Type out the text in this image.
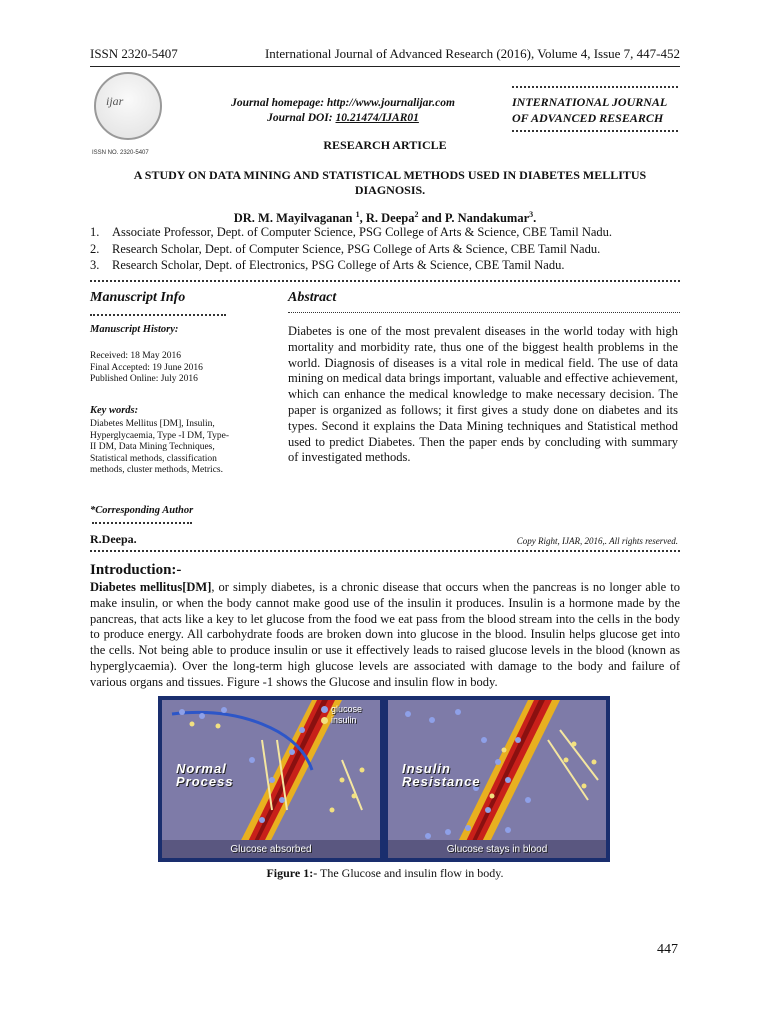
ISSN 2320-5407	International Journal of Advanced Research (2016), Volume 4, Issue 7, 447-452
ijar
ISSN NO. 2320-5407
Journal homepage: http://www.journalijar.com
Journal DOI: 10.21474/IJAR01
INTERNATIONAL JOURNAL
OF ADVANCED RESEARCH
RESEARCH ARTICLE
A STUDY ON DATA MINING AND STATISTICAL METHODS USED IN DIABETES MELLITUS DIAGNOSIS.
DR. M. Mayilvaganan $^1$, R. Deepa$^2$ and P. Nandakumar$^3$.
1.	Associate Professor, Dept. of Computer Science, PSG College of Arts & Science, CBE Tamil Nadu.
2.	Research Scholar, Dept. of Computer Science, PSG College of Arts & Science, CBE Tamil Nadu.
3.	Research Scholar, Dept. of Electronics, PSG College of Arts & Science, CBE Tamil Nadu.
Manuscript Info	Abstract
Manuscript History:
Received: 18 May 2016
Final Accepted: 19 June 2016
Published Online: July 2016
Key words:
Diabetes Mellitus [DM], Insulin, Hyperglycaemia, Type -I DM, Type-II DM, Data Mining Techniques, Statistical methods, classification methods, cluster methods, Metrics.
*Corresponding Author
R.Deepa.
Diabetes is one of the most prevalent diseases in the world today with high mortality and morbidity rate, thus one of the biggest health problems in the world. Diagnosis of diseases is a vital role in medical field. The use of data mining on medical data brings important, valuable and effective achievement, which can enhance the medical knowledge to make necessary decision. The paper is organized as follows; it first gives a study done on diabetes and its types. Second it explains the Data Mining techniques and Statistical method used to predict Diabetes. Then the paper ends by concluding with summary of investigated methods.
Copy Right, IJAR, 2016,. All rights reserved.
Introduction:-
Diabetes mellitus[DM], or simply diabetes, is a chronic disease that occurs when the pancreas is no longer able to make insulin, or when the body cannot make good use of the insulin it produces. Insulin is a hormone made by the pancreas, that acts like a key to let glucose from the food we eat pass from the blood stream into the cells in the body to produce energy. All carbohydrate foods are broken down into glucose in the blood. Insulin helps glucose get into the cells. Not being able to produce insulin or use it effectively leads to raised glucose levels in the blood (known as hyperglycaemia). Over the long-term high glucose levels are associated with damage to the body and failure of various organs and tissues. Figure -1 shows the Glucose and insulin flow in body.
glucose
insulin
Normal
Process
Glucose absorbed
Insulin
Resistance
Glucose stays in blood
Figure 1:- The Glucose and insulin flow in body.
447
